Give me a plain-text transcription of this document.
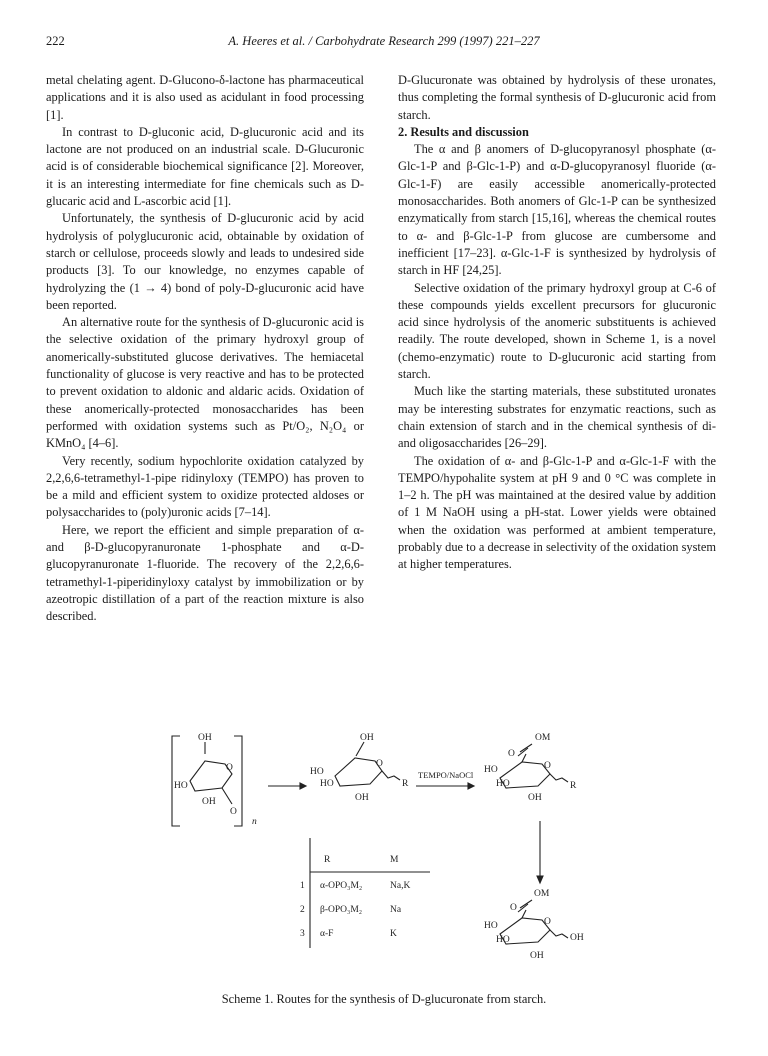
222	A. Heeres et al. / Carbohydrate Research 299 (1997) 221–227

metal chelating agent. D-Glucono-δ-lactone has pharmaceutical applications and it is also used as acidulant in food processing [1].

In contrast to D-gluconic acid, D-glucuronic acid and its lactone are not produced on an industrial scale. D-Glucuronic acid is of considerable biochemical significance [2]. Moreover, it is an interesting intermediate for fine chemicals such as D-glucaric acid and L-ascorbic acid [1].

Unfortunately, the synthesis of D-glucuronic acid by acid hydrolysis of polyglucuronic acid, obtainable by oxidation of starch or cellulose, proceeds slowly and leads to undesired side products [3]. To our knowledge, no enzymes capable of hydrolyzing the (1 → 4) bond of poly-D-glucuronic acid have been reported.

An alternative route for the synthesis of D-glucuronic acid is the selective oxidation of the primary hydroxyl group of anomerically-substituted glucose derivatives. The hemiacetal functionality of glucose is very reactive and has to be protected to prevent oxidation to aldonic and aldaric acids. Oxidation of these anomerically-protected monosaccharides has been performed with oxidation systems such as Pt/O₂, N₂O₄ or KMnO₄ [4–6].

Very recently, sodium hypochlorite oxidation catalyzed by 2,2,6,6-tetramethyl-1-pipe ridinyloxy (TEMPO) has proven to be a mild and efficient system to oxidize protected aldoses or polysaccharides to (poly)uronic acids [7–14].

Here, we report the efficient and simple preparation of α- and β-D-glucopyranuronate 1-phosphate and α-D-glucopyranuronate 1-fluoride. The recovery of the 2,2,6,6-tetramethyl-1-piperidinyloxy catalyst by immobilization or by azeotropic distillation of a part of the reaction mixture is also described.

D-Glucuronate was obtained by hydrolysis of these uronates, thus completing the formal synthesis of D-glucuronic acid from starch.

2. Results and discussion

The α and β anomers of D-glucopyranosyl phosphate (α-Glc-1-P and β-Glc-1-P) and α-D-glucopyranosyl fluoride (α-Glc-1-F) are easily accessible anomerically-protected monosaccharides. Both anomers of Glc-1-P can be synthesized enzymatically from starch [15,16], whereas the chemical routes to α- and β-Glc-1-P from glucose are cumbersome and inefficient [17–23]. α-Glc-1-F is synthesized by hydrolysis of starch in HF [24,25].

Selective oxidation of the primary hydroxyl group at C-6 of these compounds yields excellent precursors for glucuronic acid since hydrolysis of the anomeric substituents is achieved readily. The route developed, shown in Scheme 1, is a novel (chemo-enzymatic) route to D-glucuronic acid starting from starch.

Much like the starting materials, these substituted uronates may be interesting substrates for enzymatic reactions, such as chain extension of starch and in the chemical synthesis of di- and oligosaccharides [26–29].

The oxidation of α- and β-Glc-1-P and α-Glc-1-F with the TEMPO/hypohalite system at pH 9 and 0 °C was complete in 1–2 h. The pH was maintained at the desired value by addition of 1 M NaOH using a pH-stat. Lower yields were obtained when the oxidation was performed at ambient temperature, probably due to a decrease in selectivity of the oxidation system at higher temperatures.

OH
O
HO
OH
O
n
OH
O
HO
HO
OH
R
TEMPO/NaOCl
OM
O
O
HO
HO
OH
R
R	M
1 α-OPO₃M₂	Na,K
2 β-OPO₃M₂	Na
3 α-F	K
OM
O
O
HO
HO
OH
OH
Scheme 1. Routes for the synthesis of D-glucuronate from starch.
